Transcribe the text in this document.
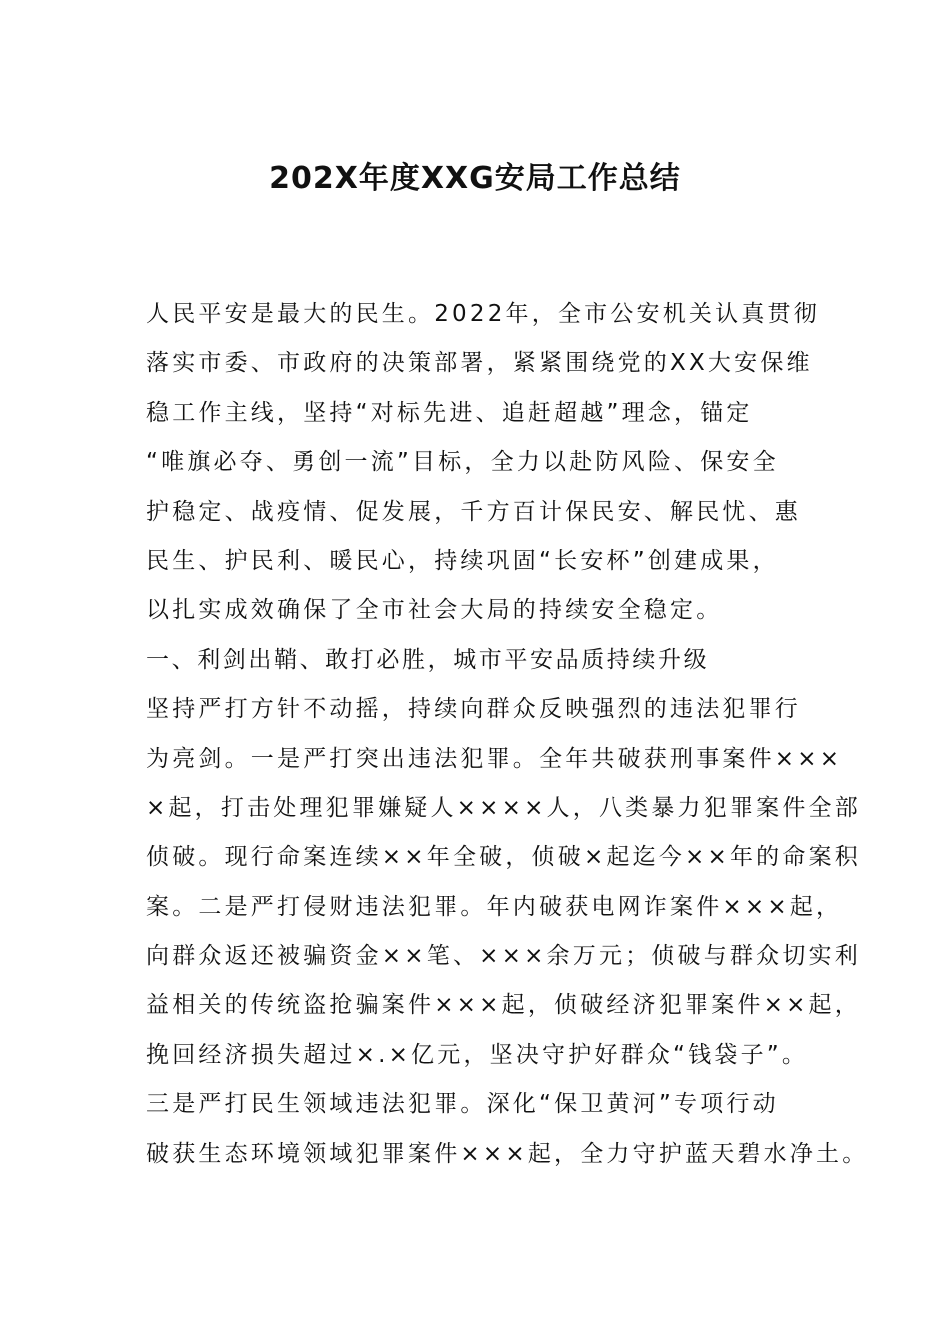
202X年度XXG安局工作总结
人民平安是最大的民生。2022年，全市公安机关认真贯彻
落实市委、市政府的决策部署，紧紧围绕党的XX大安保维
稳工作主线，坚持“对标先进、追赶超越”理念，锚定
“唯旗必夺、勇创一流”目标，全力以赴防风险、保安全
护稳定、战疫情、促发展，千方百计保民安、解民忧、惠
民生、护民利、暖民心，持续巩固“长安杯”创建成果，
以扎实成效确保了全市社会大局的持续安全稳定。
一、利剑出鞘、敢打必胜，城市平安品质持续升级
坚持严打方针不动摇，持续向群众反映强烈的违法犯罪行
为亮剑。一是严打突出违法犯罪。全年共破获刑事案件×××
×起，打击处理犯罪嫌疑人××××人，八类暴力犯罪案件全部
侦破。现行命案连续××年全破，侦破×起迄今××年的命案积
案。二是严打侵财违法犯罪。年内破获电网诈案件×××起，
向群众返还被骗资金××笔、×××余万元；侦破与群众切实利
益相关的传统盗抢骗案件×××起，侦破经济犯罪案件××起，
挽回经济损失超过×.×亿元，坚决守护好群众“钱袋子”。
三是严打民生领域违法犯罪。深化“保卫黄河”专项行动
破获生态环境领域犯罪案件×××起，全力守护蓝天碧水净土。
